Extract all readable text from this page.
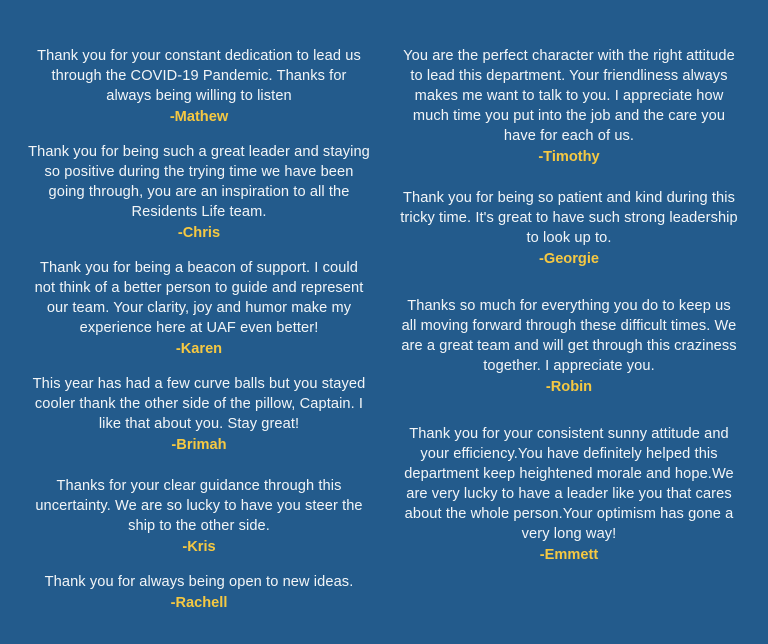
Thank you for your constant dedication to lead us through the COVID-19 Pandemic. Thanks for always being willing to listen
-Mathew
Thank you for being such a great leader and staying so positive during the trying time we have been going through, you are an inspiration to all the Residents Life team.
-Chris
Thank you for being a beacon of support. I could not think of a better person to guide and represent our team. Your clarity, joy and humor make my experience here at UAF even better!
-Karen
This year has had a few curve balls but you stayed cooler thank the other side of the pillow, Captain. I like that about you. Stay great!
-Brimah
Thanks for your clear guidance through this uncertainty. We are so lucky to have you steer the ship to the other side.
-Kris
Thank you for always being open to new ideas.
-Rachell
You are the perfect character with the right attitude to lead this department. Your friendliness always makes me want to talk to you. I appreciate how much time you put into the job and the care you have for each of us.
-Timothy
Thank you for being so patient and kind during this tricky time. It's great to have such strong leadership to look up to.
-Georgie
Thanks so much for everything you do to keep us all moving forward through these difficult times. We are a great team and will get through this craziness together. I appreciate you.
-Robin
Thank you for your consistent sunny attitude and your efficiency.You have definitely helped this department keep heightened morale and hope.We are very lucky to have a leader like you that cares about the whole person.Your optimism has gone a very long way!
-Emmett
